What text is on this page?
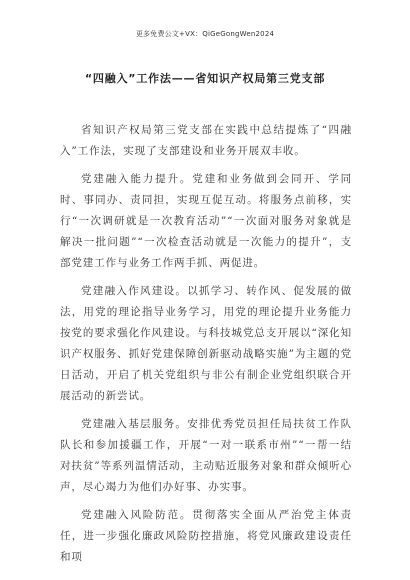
更多免费公文+VX：QiGeGongWen2024
“四融入”工作法——省知识产权局第三党支部

省知识产权局第三党支部在实践中总结提炼了“四融入”工作法，实现了支部建设和业务开展双丰收。

党建融入能力提升。党建和业务做到会同开、学同时、事同办、责同担，实现互促互动。将服务点前移，实行“一次调研就是一次教育活动”“一次面对服务对象就是解决一批问题”“一次检查活动就是一次能力的提升”，支部党建工作与业务工作两手抓、两促进。

党建融入作风建设。以抓学习、转作风、促发展的做法，用党的理论指导业务学习，用党的理论提升业务能力按党的要求强化作风建设。与科技城党总支开展以“深化知识产权服务、抓好党建保障创新驱动战略实施”为主题的党日活动，开启了机关党组织与非公有制企业党组织联合开展活动的新尝试。

党建融入基层服务。安排优秀党员担任局扶贫工作队队长和参加援疆工作，开展“一对一联系市州”“一帮一结对扶贫”等系列温情活动，主动贴近服务对象和群众倾听心声，尽心竭力为他们办好事、办实事。

党建融入风险防范。贯彻落实全面从严治党主体责任，进一步强化廉政风险防控措施，将党风廉政建设责任和项
